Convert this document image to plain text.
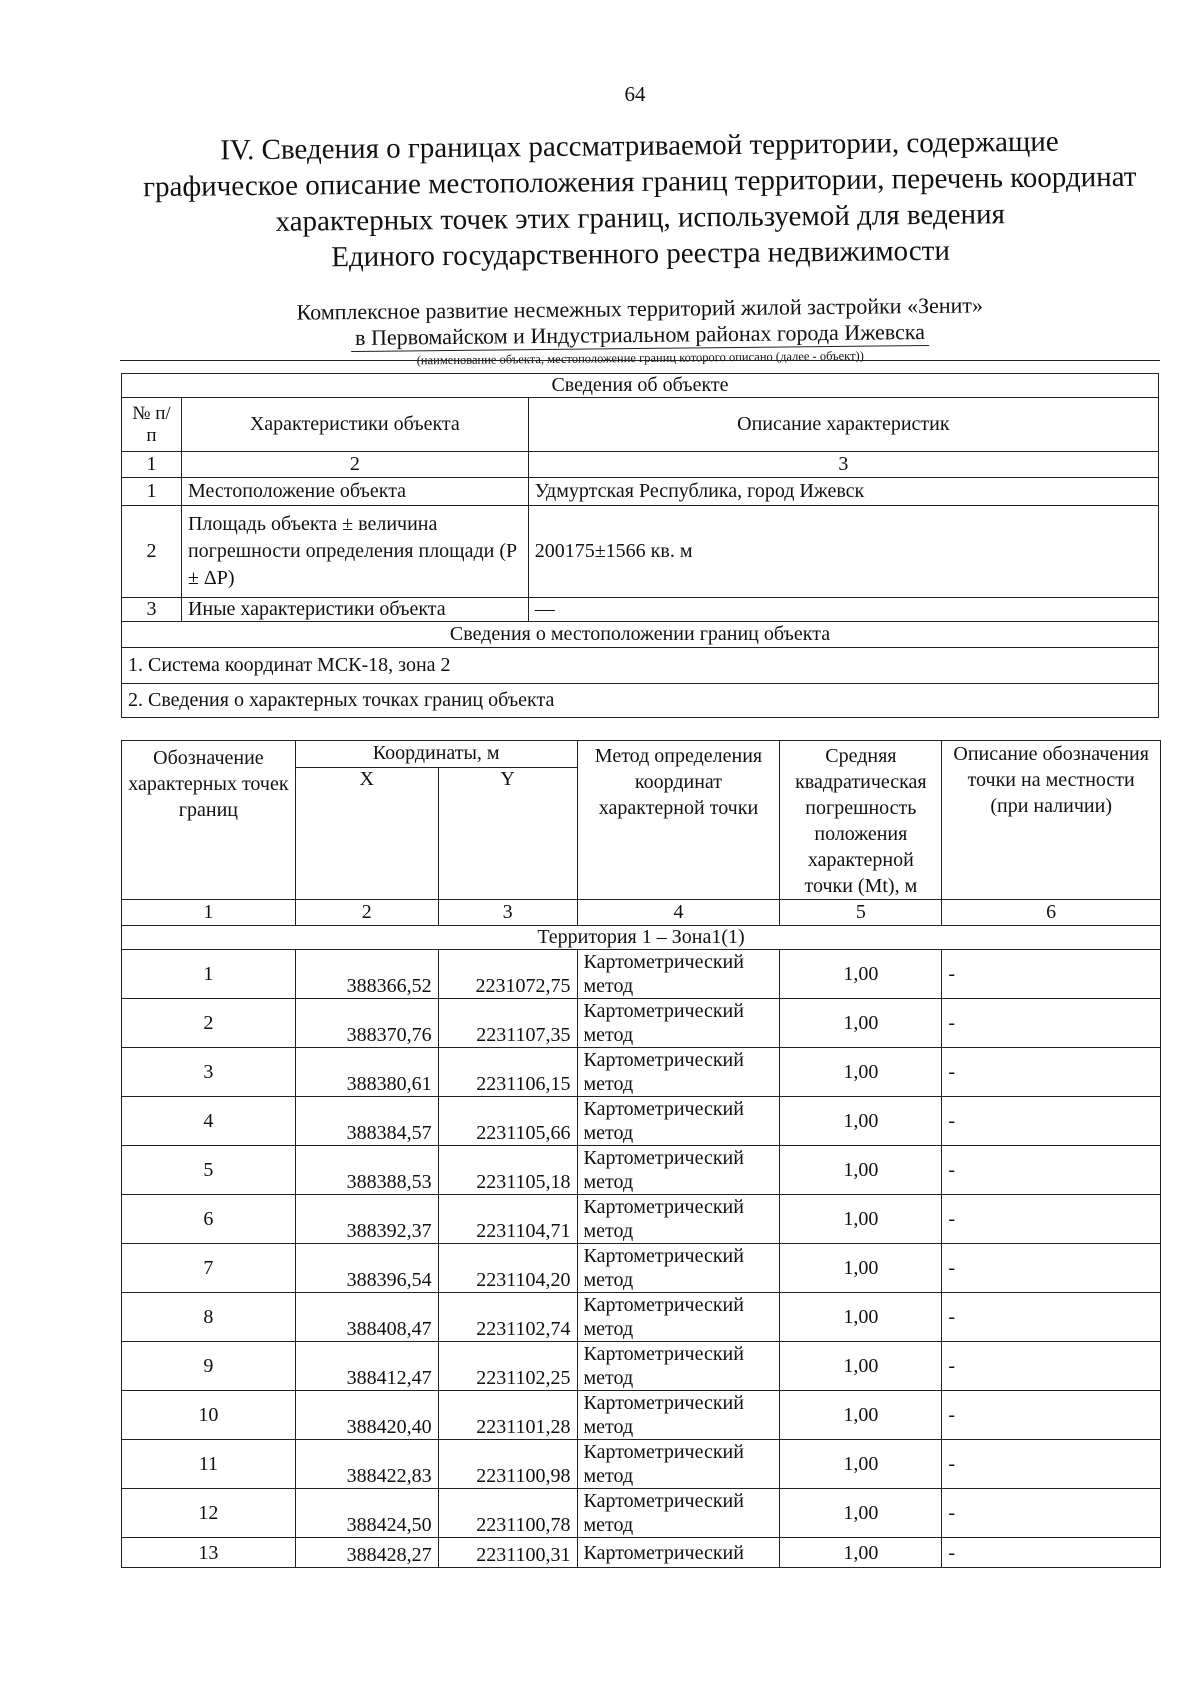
64
IV. Сведения о границах рассматриваемой территории, содержащие
графическое описание местоположения границ территории, перечень координат
характерных точек этих границ, используемой для ведения
Единого государственного реестра недвижимости
Комплексное развитие несмежных территорий жилой застройки «Зенит»
в Первомайском и Индустриальном районах города Ижевска
(наименование объекта, местоположение границ которого описано (далее - объект))
Сведения об объекте		
№ п/п	Характеристики объекта	Описание характеристик
1	2	3
1	Местоположение объекта	Удмуртская Республика, город Ижевск
2	Площадь объекта ± величина погрешности определения площади (P ± ΔP)	200175±1566 кв. м
3	Иные характеристики объекта	—
Сведения о местоположении границ объекта		
1. Система координат МСК-18, зона 2		
2. Сведения о характерных точках границ объекта		
Обозначение характерных точек границ	Координаты, м		Метод определения координат характерной точки	Средняя квадратическая погрешность положения характерной точки (Mt), м	Описание обозначения точки на местности (при наличии)
	X	Y			
1	2	3	4	5	6
Территория 1 – Зона1(1)					
1	388366,52	2231072,75	Картометрический метод	1,00	-
2	388370,76	2231107,35	Картометрический метод	1,00	-
3	388380,61	2231106,15	Картометрический метод	1,00	-
4	388384,57	2231105,66	Картометрический метод	1,00	-
5	388388,53	2231105,18	Картометрический метод	1,00	-
6	388392,37	2231104,71	Картометрический метод	1,00	-
7	388396,54	2231104,20	Картометрический метод	1,00	-
8	388408,47	2231102,74	Картометрический метод	1,00	-
9	388412,47	2231102,25	Картометрический метод	1,00	-
10	388420,40	2231101,28	Картометрический метод	1,00	-
11	388422,83	2231100,98	Картометрический метод	1,00	-
12	388424,50	2231100,78	Картометрический метод	1,00	-
13	388428,27	2231100,31	Картометрический	1,00	-
